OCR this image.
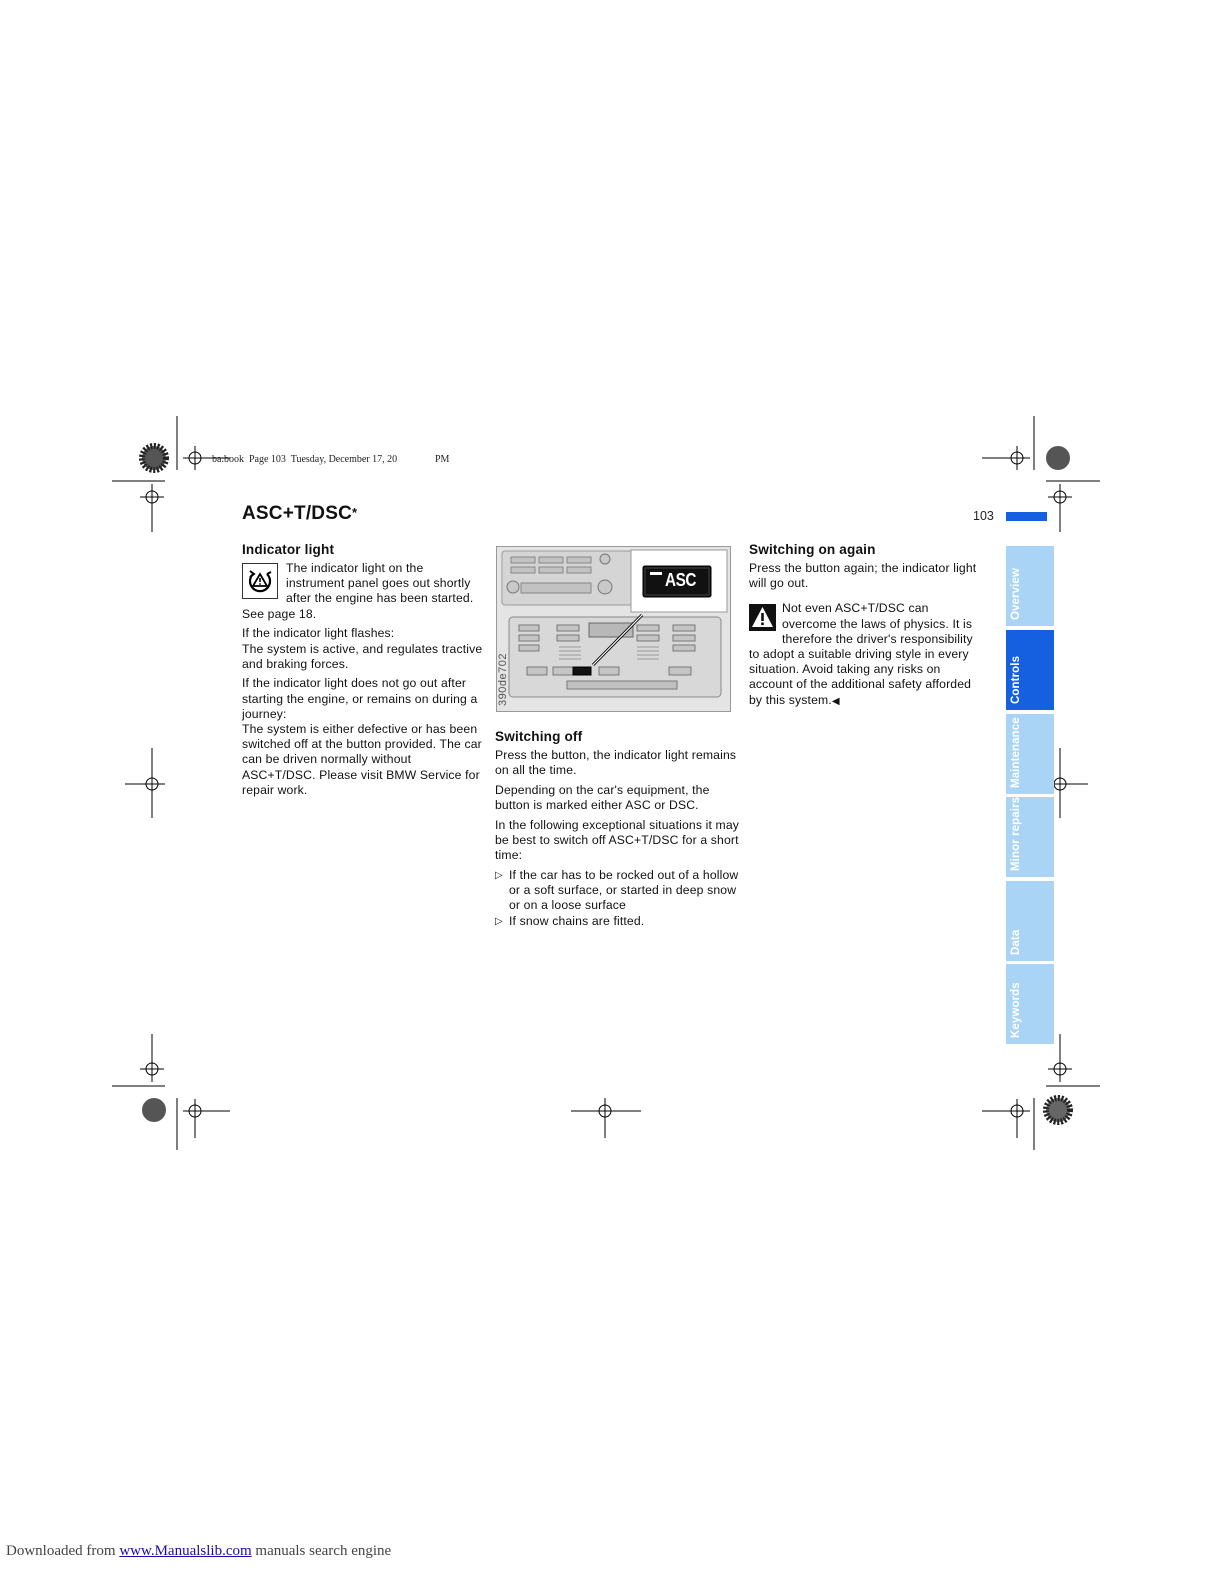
ba.book  Page 103  Tuesday, December 17, 20	PM
ASC+T/DSC*	103
Indicator light

The indicator light on the instrument panel goes out shortly after the engine has been started. See page 18.

If the indicator light flashes:
The system is active, and regulates tractive and braking forces.

If the indicator light does not go out after starting the engine, or remains on during a journey:
The system is either defective or has been switched off at the button provided. The car can be driven normally without ASC+T/DSC. Please visit BMW Service for repair work.

ASC
390de702
Switching off

Press the button, the indicator light remains on all the time.

Depending on the car's equipment, the button is marked either ASC or DSC.

In the following exceptional situations it may be best to switch off ASC+T/DSC for a short time:

▷ If the car has to be rocked out of a hollow or a soft surface, or started in deep snow or on a loose surface
▷ If snow chains are fitted.
Switching on again

Press the button again; the indicator light will go out.

Not even ASC+T/DSC can overcome the laws of physics. It is therefore the driver's responsibility to adopt a suitable driving style in every situation. Avoid taking any risks on account of the additional safety afforded by this system.◀

Overview
Controls
Maintenance
Minor repairs
Data
Keywords
Downloaded from www.Manualslib.com manuals search engine
